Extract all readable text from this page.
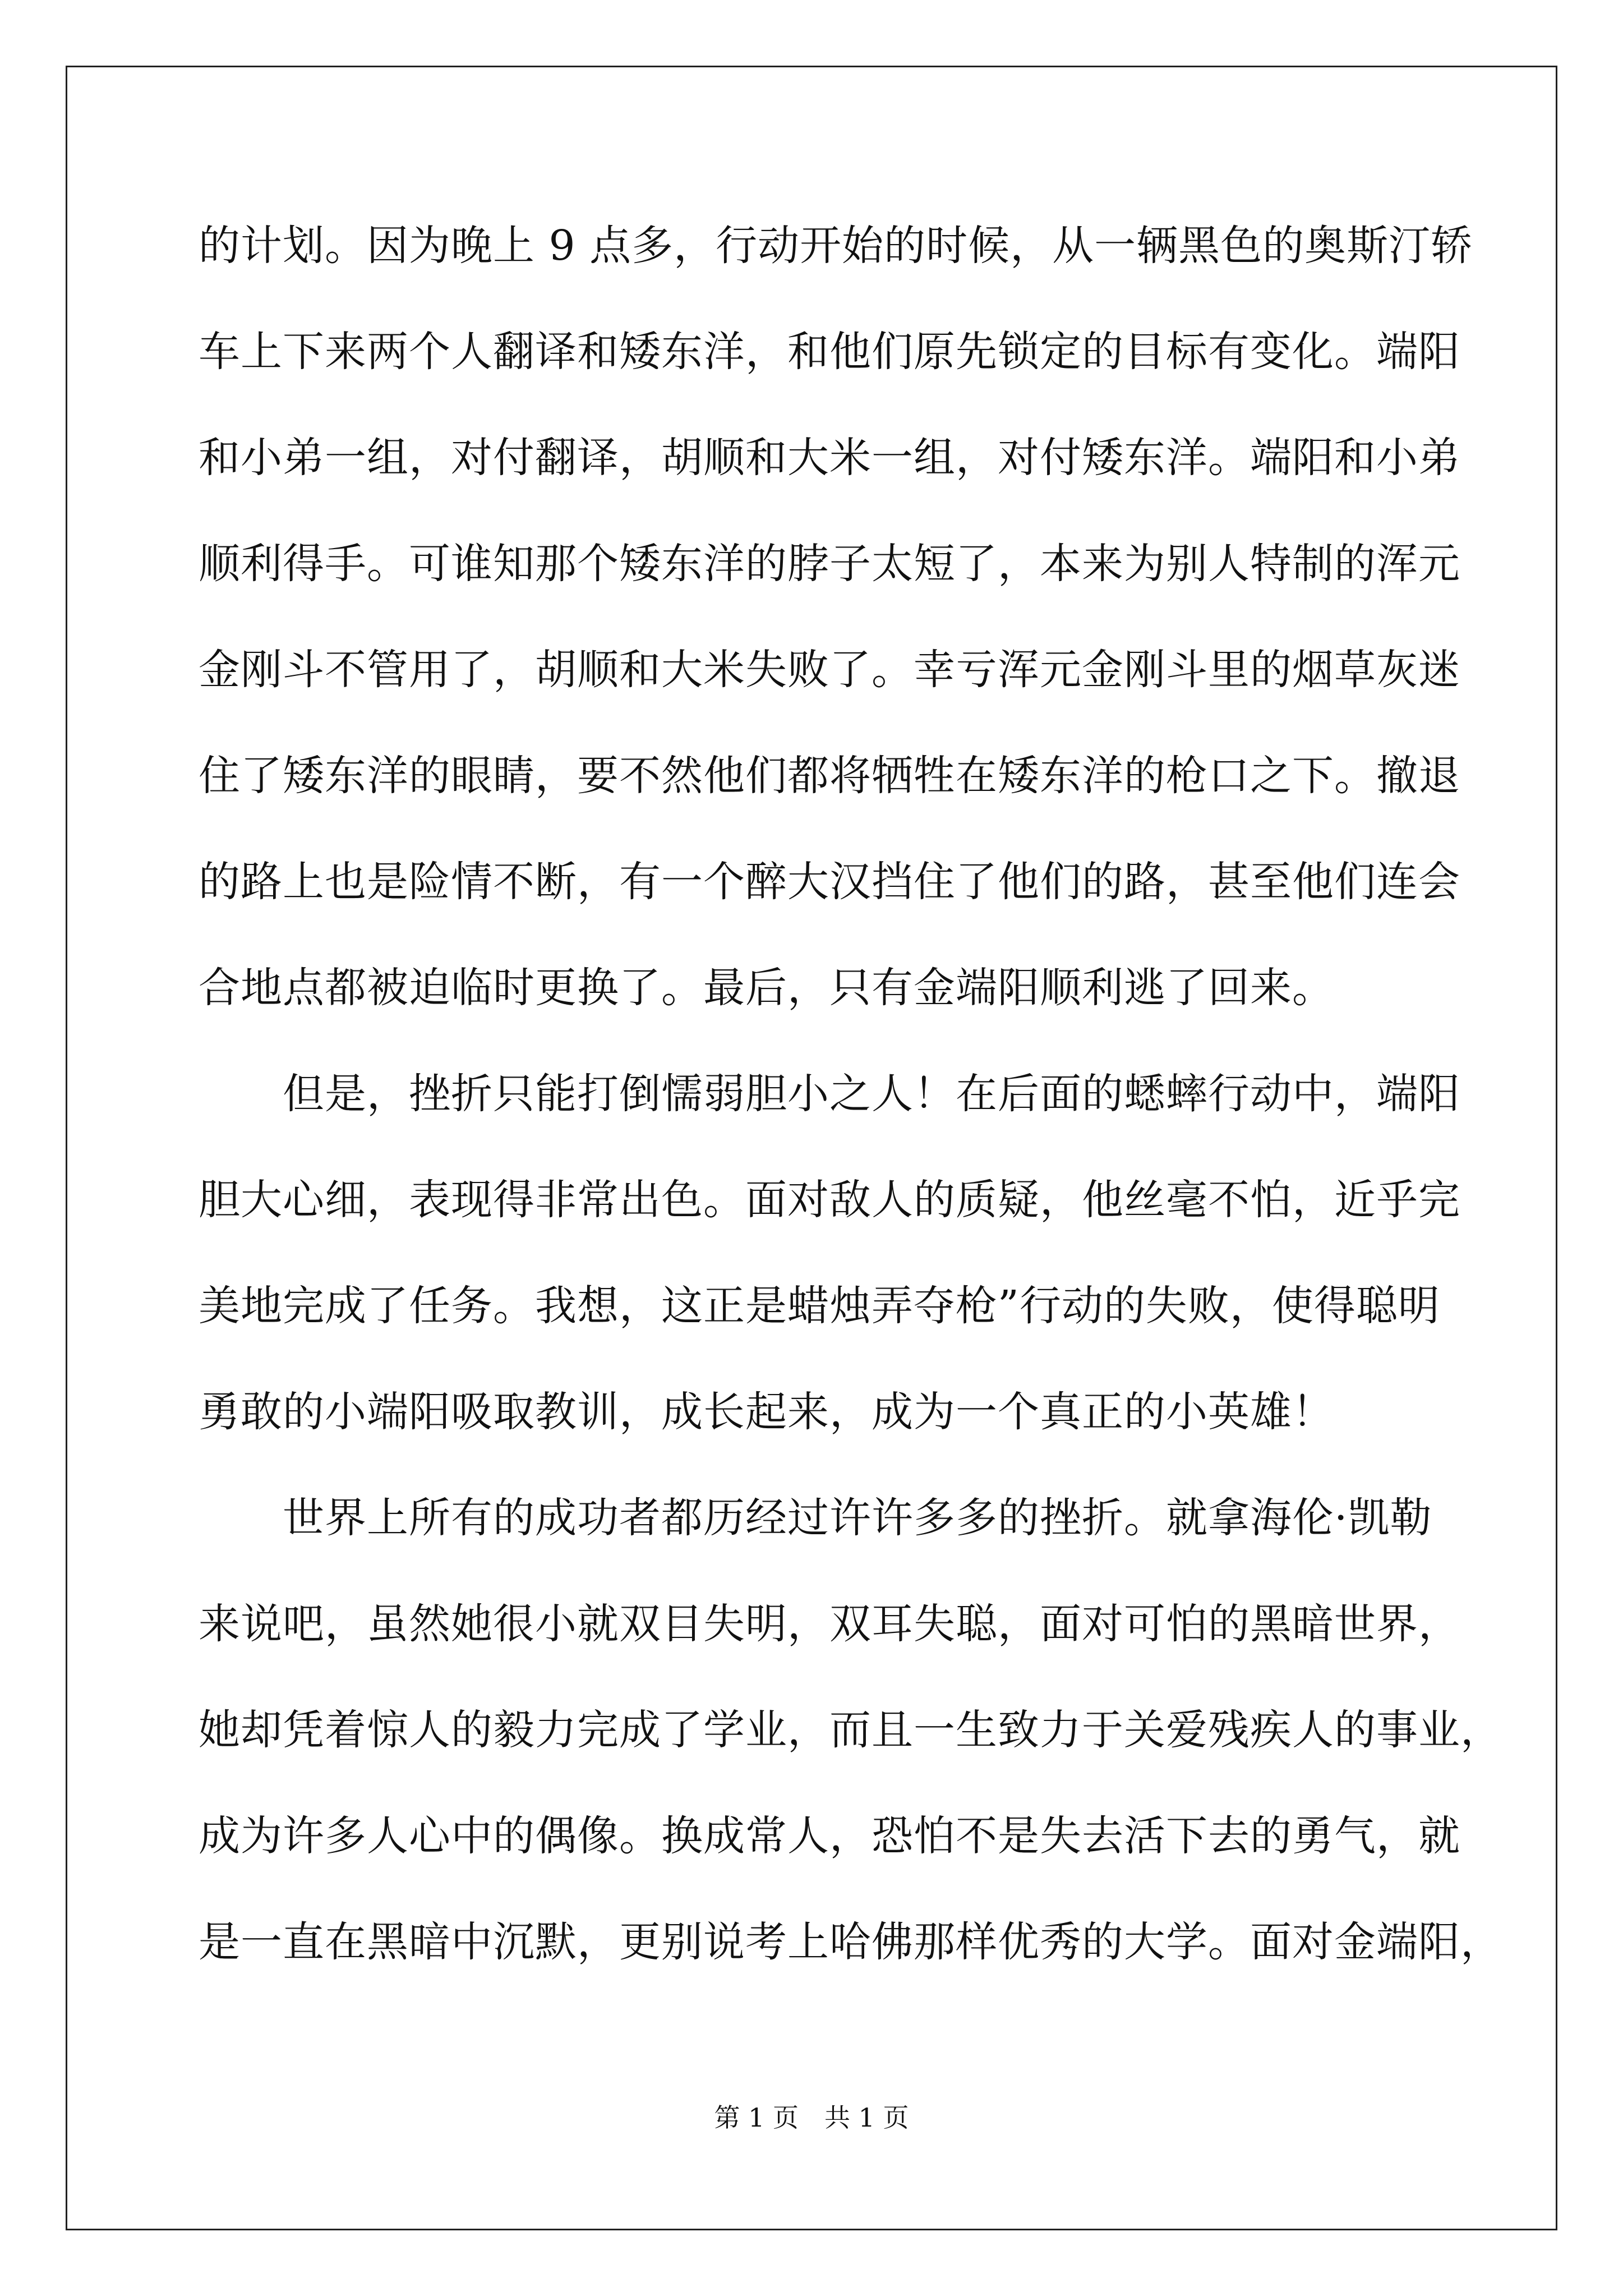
的计划。因为晚上 9 点多，行动开始的时候，从一辆黑色的奥斯汀轿
车上下来两个人翻译和矮东洋，和他们原先锁定的目标有变化。端阳
和小弟一组，对付翻译，胡顺和大米一组，对付矮东洋。端阳和小弟
顺利得手。可谁知那个矮东洋的脖子太短了，本来为别人特制的浑元
金刚斗不管用了，胡顺和大米失败了。幸亏浑元金刚斗里的烟草灰迷
住了矮东洋的眼睛，要不然他们都将牺牲在矮东洋的枪口之下。撤退
的路上也是险情不断，有一个醉大汉挡住了他们的路，甚至他们连会
合地点都被迫临时更换了。最后，只有金端阳顺利逃了回来。
但是，挫折只能打倒懦弱胆小之人！在后面的蟋蟀行动中，端阳
胆大心细，表现得非常出色。面对敌人的质疑，他丝毫不怕，近乎完
美地完成了任务。我想，这正是蜡烛弄夺枪”行动的失败，使得聪明
勇敢的小端阳吸取教训，成长起来，成为一个真正的小英雄！
世界上所有的成功者都历经过许许多多的挫折。就拿海伦·凯勒
来说吧，虽然她很小就双目失明，双耳失聪，面对可怕的黑暗世界，
她却凭着惊人的毅力完成了学业，而且一生致力于关爱残疾人的事业，
成为许多人心中的偶像。换成常人，恐怕不是失去活下去的勇气，就
是一直在黑暗中沉默，更别说考上哈佛那样优秀的大学。面对金端阳，
第 1 页　共 1 页
